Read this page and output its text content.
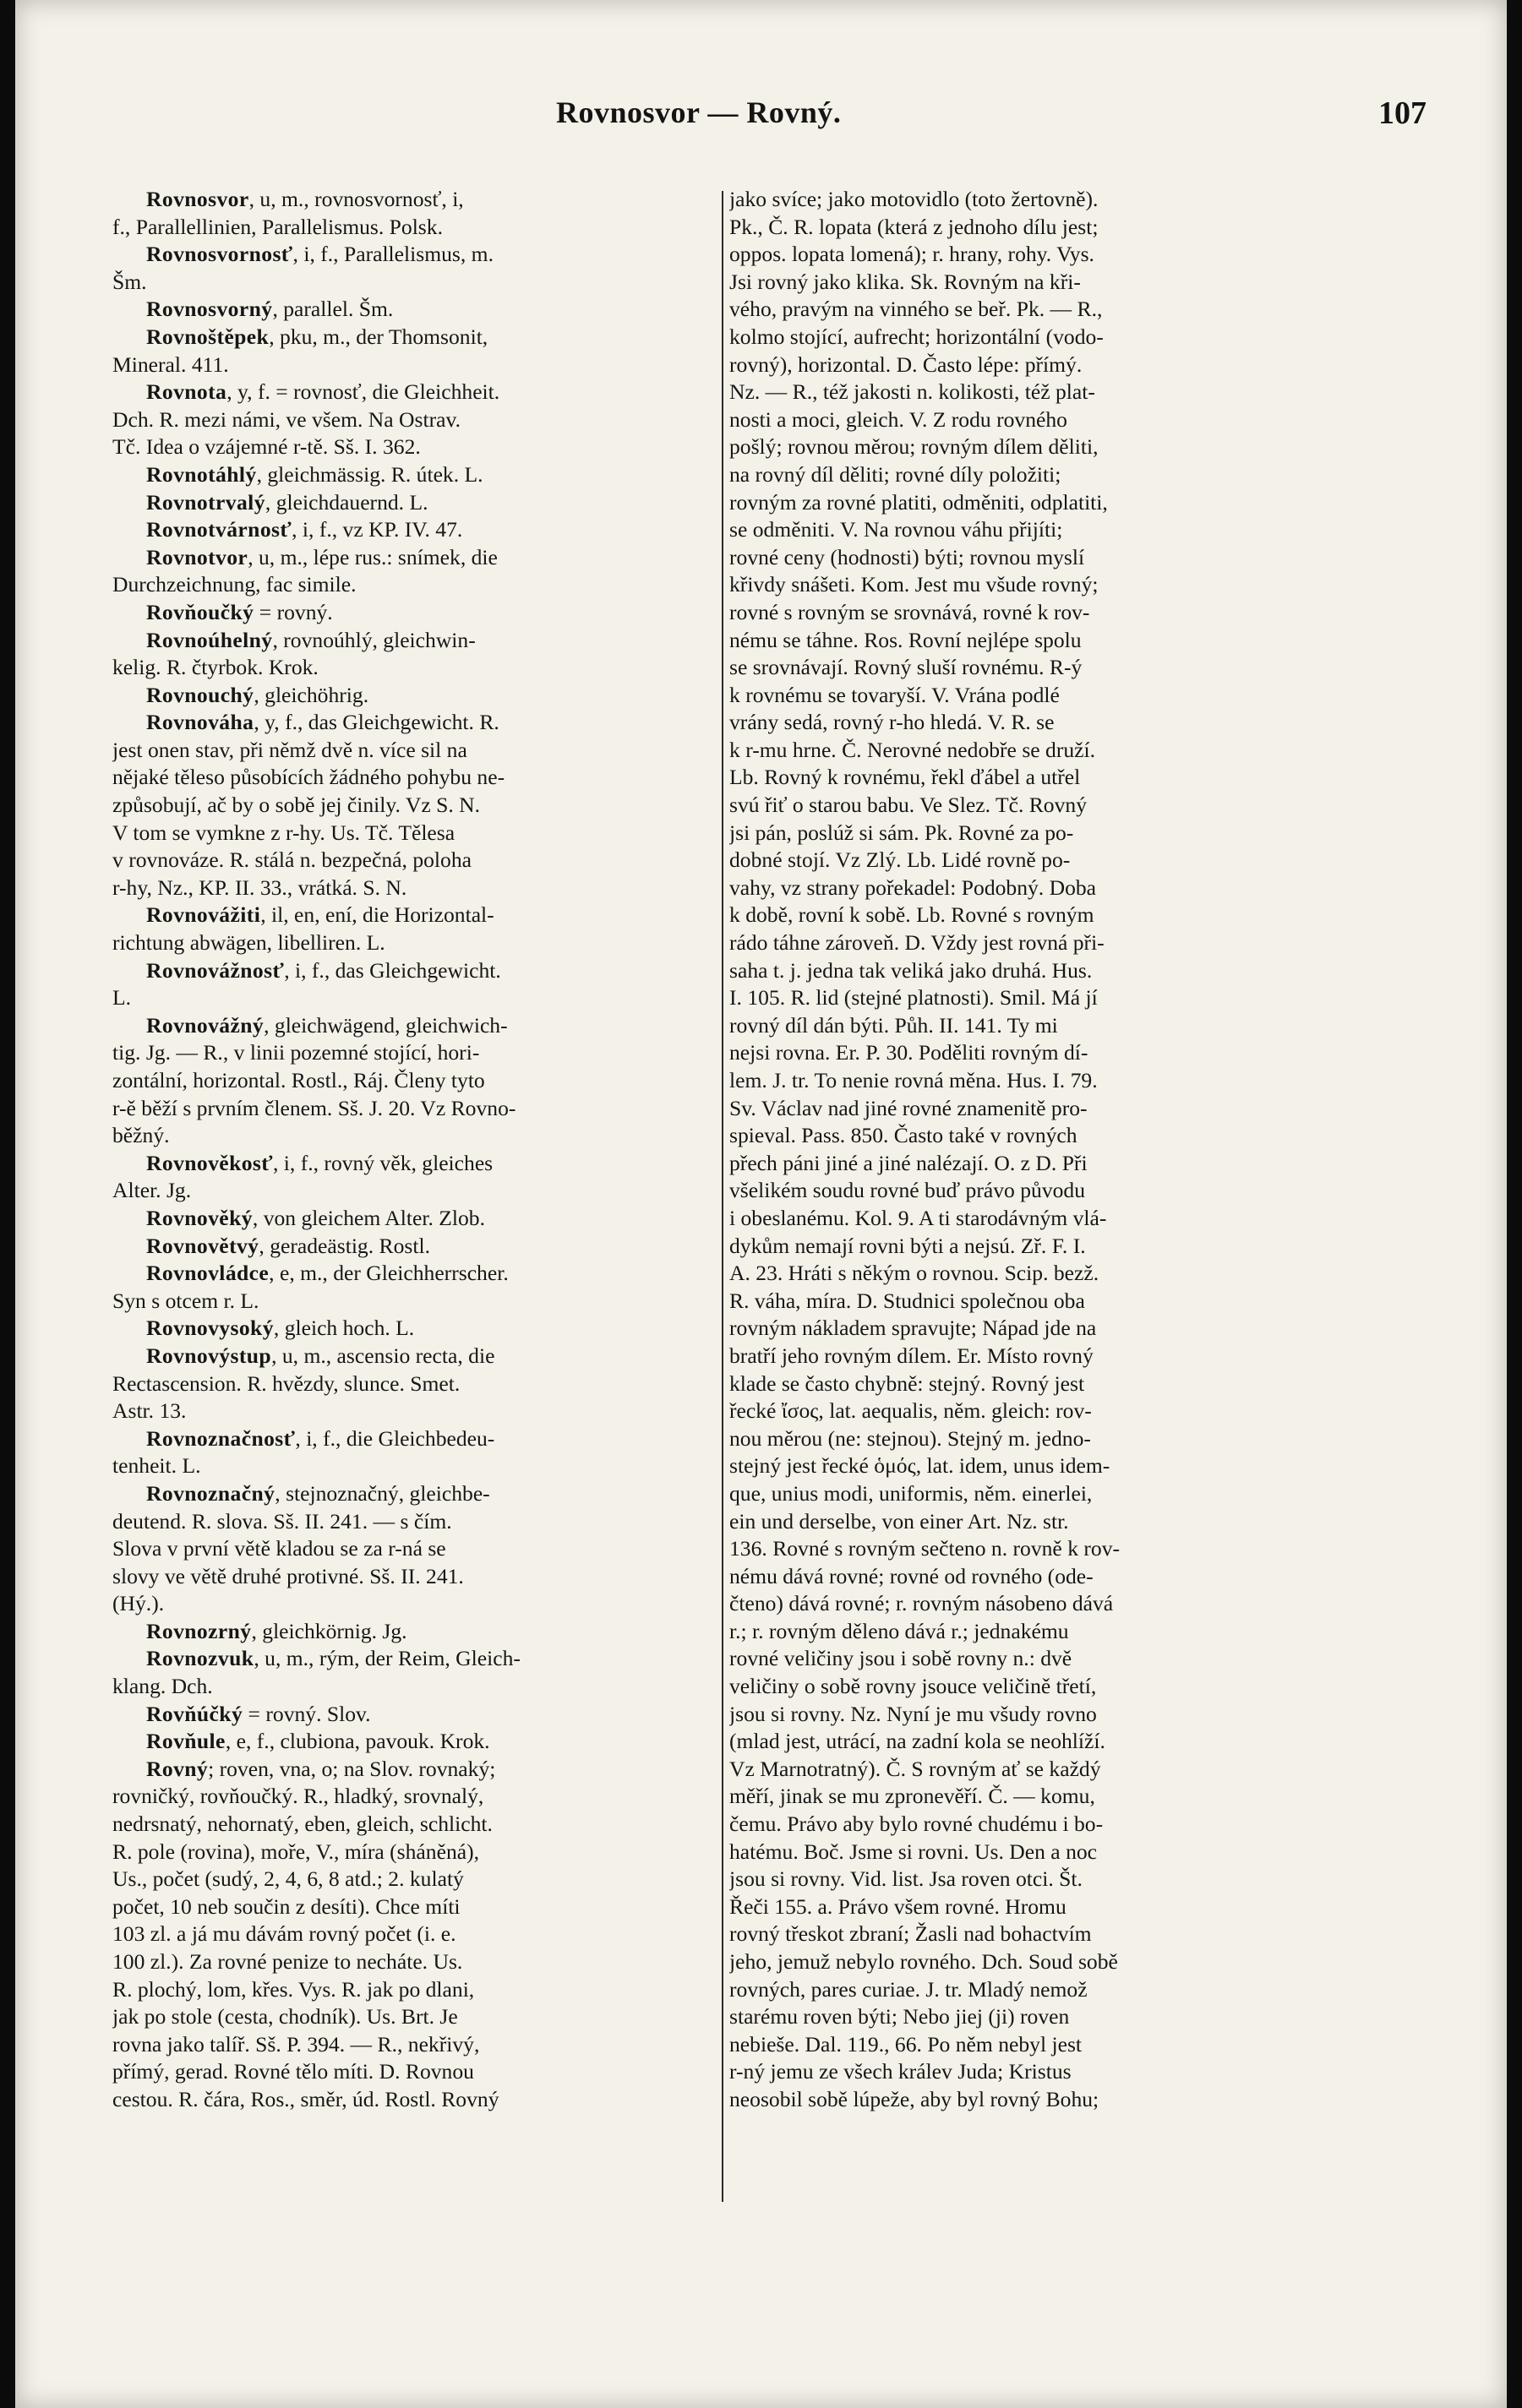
Rovnosvor — Rovný.	107
Rovnosvor, u, m., rovnosvornosť, i,
f., Parallellinien, Parallelismus. Polsk.
Rovnosvornosť, i, f., Parallelismus, m.
Šm.
Rovnosvorný, parallel. Šm.
Rovnoštěpek, pku, m., der Thomsonit,
Mineral. 411.
Rovnota, y, f. = rovnosť, die Gleichheit.
Dch. R. mezi námi, ve všem. Na Ostrav.
Tč. Idea o vzájemné r-tě. Sš. I. 362.
Rovnotáhlý, gleichmässig. R. útek. L.
Rovnotrvalý, gleichdauernd. L.
Rovnotvárnosť, i, f., vz KP. IV. 47.
Rovnotvor, u, m., lépe rus.: snímek, die
Durchzeichnung, fac simile.
Rovňoučký = rovný.
Rovnoúhelný, rovnoúhlý, gleichwin-
kelig. R. čtyrbok. Krok.
Rovnouchý, gleichöhrig.
Rovnováha, y, f., das Gleichgewicht. R.
jest onen stav, při němž dvě n. více sil na
nějaké těleso působících žádného pohybu ne-
způsobují, ač by o sobě jej činily. Vz S. N.
V tom se vymkne z r-hy. Us. Tč. Tělesa
v rovnováze. R. stálá n. bezpečná, poloha
r-hy, Nz., KP. II. 33., vrátká. S. N.
Rovnovážiti, il, en, ení, die Horizontal-
richtung abwägen, libelliren. L.
Rovnovážnosť, i, f., das Gleichgewicht.
L.
Rovnovážný, gleichwägend, gleichwich-
tig. Jg. — R., v linii pozemné stojící, hori-
zontální, horizontal. Rostl., Ráj. Členy tyto
r-ě běží s prvním členem. Sš. J. 20. Vz Rovno-
běžný.
Rovnověkosť, i, f., rovný věk, gleiches
Alter. Jg.
Rovnověký, von gleichem Alter. Zlob.
Rovnovětvý, geradeästig. Rostl.
Rovnovládce, e, m., der Gleichherrscher.
Syn s otcem r. L.
Rovnovysoký, gleich hoch. L.
Rovnovýstup, u, m., ascensio recta, die
Rectascension. R. hvězdy, slunce. Smet.
Astr. 13.
Rovnoznačnosť, i, f., die Gleichbedeu-
tenheit. L.
Rovnoznačný, stejnoznačný, gleichbe-
deutend. R. slova. Sš. II. 241. — s čím.
Slova v první větě kladou se za r-ná se
slovy ve větě druhé protivné. Sš. II. 241.
(Hý.).
Rovnozrný, gleichkörnig. Jg.
Rovnozvuk, u, m., rým, der Reim, Gleich-
klang. Dch.
Rovňúčký = rovný. Slov.
Rovňule, e, f., clubiona, pavouk. Krok.
Rovný; roven, vna, o; na Slov. rovnaký;
rovničký, rovňoučký. R., hladký, srovnalý,
nedrsnatý, nehornatý, eben, gleich, schlicht.
R. pole (rovina), moře, V., míra (sháněná),
Us., počet (sudý, 2, 4, 6, 8 atd.; 2. kulatý
počet, 10 neb součin z desíti). Chce míti
103 zl. a já mu dávám rovný počet (i. e.
100 zl.). Za rovné penize to necháte. Us.
R. plochý, lom, křes. Vys. R. jak po dlani,
jak po stole (cesta, chodník). Us. Brt. Je
rovna jako talíř. Sš. P. 394. — R., nekřivý,
přímý, gerad. Rovné tělo míti. D. Rovnou
cestou. R. čára, Ros., směr, úd. Rostl. Rovný
jako svíce; jako motovidlo (toto žertovně).
Pk., Č. R. lopata (která z jednoho dílu jest;
oppos. lopata lomená); r. hrany, rohy. Vys.
Jsi rovný jako klika. Sk. Rovným na kři-
vého, pravým na vinného se beř. Pk. — R.,
kolmo stojící, aufrecht; horizontální (vodo-
rovný), horizontal. D. Často lépe: přímý.
Nz. — R., též jakosti n. kolikosti, též plat-
nosti a moci, gleich. V. Z rodu rovného
pošlý; rovnou měrou; rovným dílem děliti,
na rovný díl děliti; rovné díly položiti;
rovným za rovné platiti, odměniti, odplatiti,
se odměniti. V. Na rovnou váhu přijíti;
rovné ceny (hodnosti) býti; rovnou myslí
křivdy snášeti. Kom. Jest mu všude rovný;
rovné s rovným se srovnává, rovné k rov-
nému se táhne. Ros. Rovní nejlépe spolu
se srovnávají. Rovný sluší rovnému. R-ý
k rovnému se tovaryší. V. Vrána podlé
vrány sedá, rovný r-ho hledá. V. R. se
k r-mu hrne. Č. Nerovné nedobře se druží.
Lb. Rovný k rovnému, řekl ďábel a utřel
svú řiť o starou babu. Ve Slez. Tč. Rovný
jsi pán, poslúž si sám. Pk. Rovné za po-
dobné stojí. Vz Zlý. Lb. Lidé rovně po-
vahy, vz strany pořekadel: Podobný. Doba
k době, rovní k sobě. Lb. Rovné s rovným
rádo táhne zároveň. D. Vždy jest rovná při-
saha t. j. jedna tak veliká jako druhá. Hus.
I. 105. R. lid (stejné platnosti). Smil. Má jí
rovný díl dán býti. Půh. II. 141. Ty mi
nejsi rovna. Er. P. 30. Poděliti rovným dí-
lem. J. tr. To nenie rovná měna. Hus. I. 79.
Sv. Václav nad jiné rovné znamenitě pro-
spieval. Pass. 850. Často také v rovných
přech páni jiné a jiné nalézají. O. z D. Při
všelikém soudu rovné buď právo původu
i obeslanému. Kol. 9. A ti starodávným vlá-
dykům nemají rovni býti a nejsú. Zř. F. I.
A. 23. Hráti s někým o rovnou. Scip. bezž.
R. váha, míra. D. Studnici společnou oba
rovným nákladem spravujte; Nápad jde na
bratří jeho rovným dílem. Er. Místo rovný
klade se často chybně: stejný. Rovný jest
řecké ἴσος, lat. aequalis, něm. gleich: rov-
nou měrou (ne: stejnou). Stejný m. jedno-
stejný jest řecké ὁμός, lat. idem, unus idem-
que, unius modi, uniformis, něm. einerlei,
ein und derselbe, von einer Art. Nz. str.
136. Rovné s rovným sečteno n. rovně k rov-
nému dává rovné; rovné od rovného (ode-
čteno) dává rovné; r. rovným násobeno dává
r.; r. rovným děleno dává r.; jednakému
rovné veličiny jsou i sobě rovny n.: dvě
veličiny o sobě rovny jsouce veličině třetí,
jsou si rovny. Nz. Nyní je mu všudy rovno
(mlad jest, utrácí, na zadní kola se neohlíží.
Vz Marnotratný). Č. S rovným ať se každý
měří, jinak se mu zpronevěří. Č. — komu,
čemu. Právo aby bylo rovné chudému i bo-
hatému. Boč. Jsme si rovni. Us. Den a noc
jsou si rovny. Vid. list. Jsa roven otci. Št.
Řeči 155. a. Právo všem rovné. Hromu
rovný třeskot zbraní; Žasli nad bohactvím
jeho, jemuž nebylo rovného. Dch. Soud sobě
rovných, pares curiae. J. tr. Mladý nemož
starému roven býti; Nebo jiej (ji) roven
nebieše. Dal. 119., 66. Po něm nebyl jest
r-ný jemu ze všech králev Juda; Kristus
neosobil sobě lúpeže, aby byl rovný Bohu;
